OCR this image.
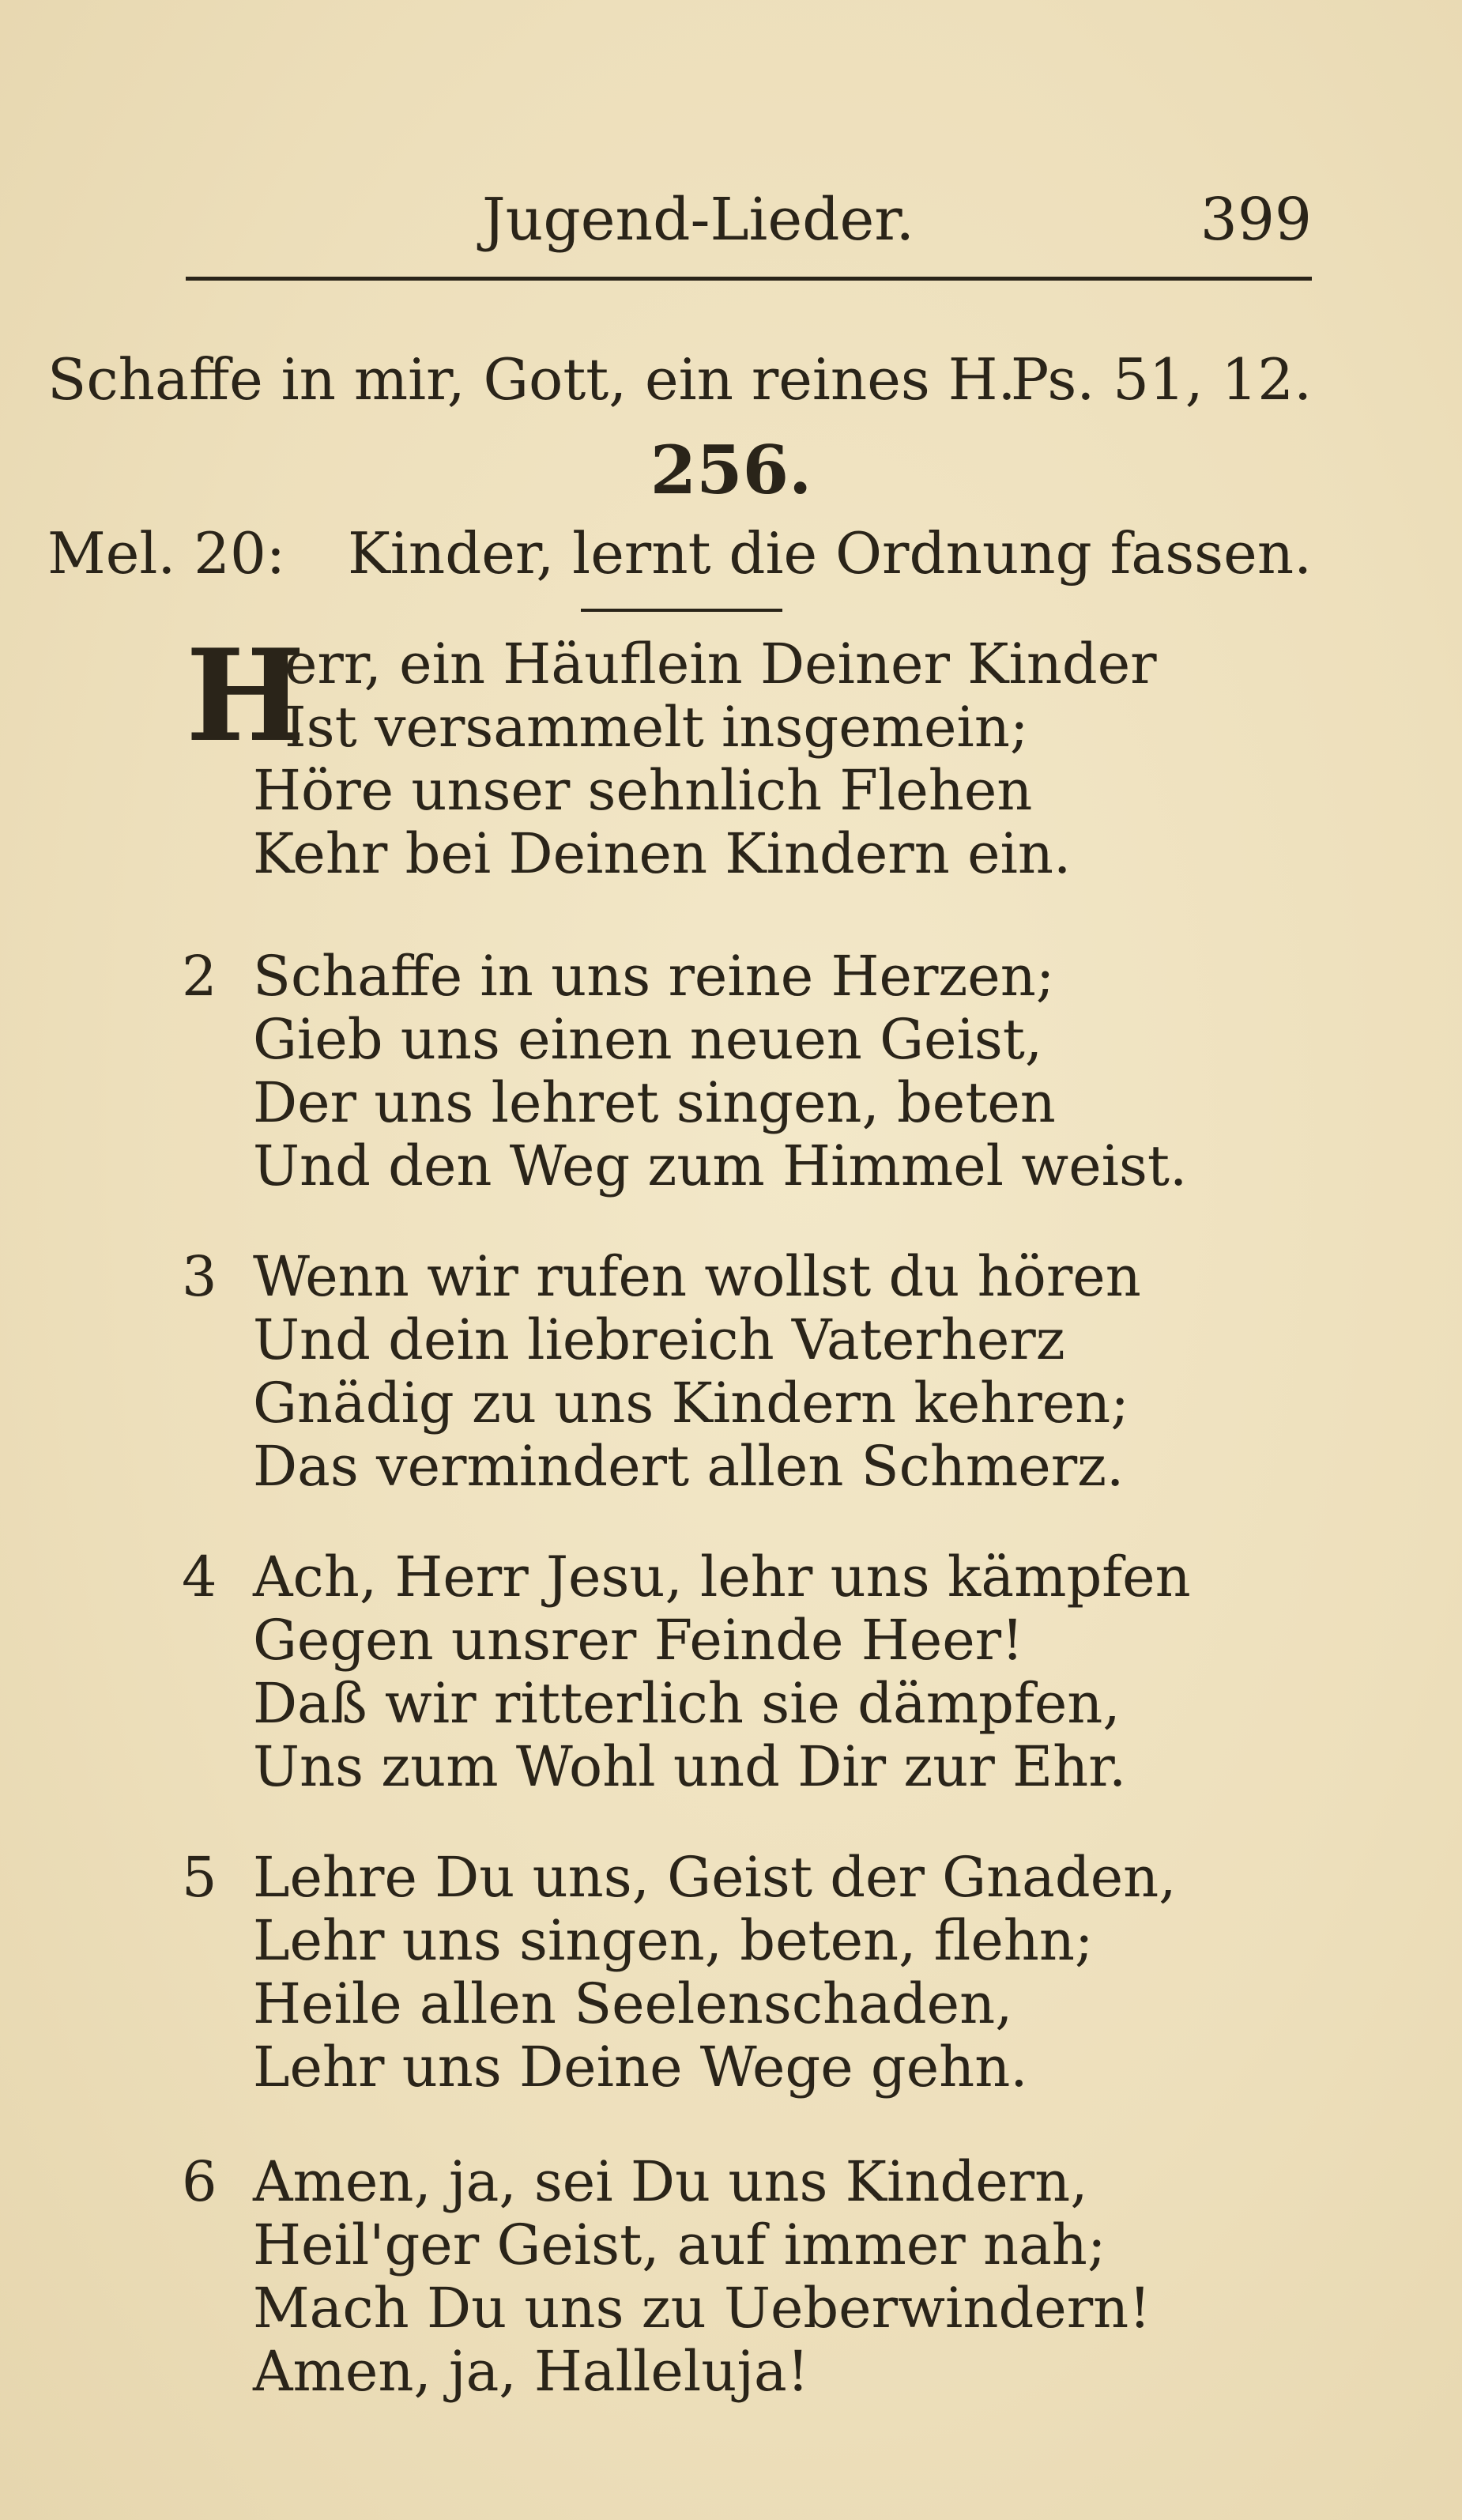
Jugend-Lieder.	399
Schaffe in mir, Gott, ein reines H.
Ps. 51, 12.
256.
Mel. 20: Kinder, lernt die Ordnung fassen.
H
err, ein Häuflein Deiner Kinder
Ist versammelt insgemein;
Höre unser sehnlich Flehen
Kehr bei Deinen Kindern ein.
2 Schaffe in uns reine Herzen;
Gieb uns einen neuen Geist,
Der uns lehret singen, beten
Und den Weg zum Himmel weist.
3 Wenn wir rufen wollst du hören
Und dein liebreich Vaterherz
Gnädig zu uns Kindern kehren;
Das vermindert allen Schmerz.
4 Ach, Herr Jesu, lehr uns kämpfen
Gegen unsrer Feinde Heer!
Daß wir ritterlich sie dämpfen,
Uns zum Wohl und Dir zur Ehr.
5 Lehre Du uns, Geist der Gnaden,
Lehr uns singen, beten, flehn;
Heile allen Seelenschaden,
Lehr uns Deine Wege gehn.
6 Amen, ja, sei Du uns Kindern,
Heil'ger Geist, auf immer nah;
Mach Du uns zu Ueberwindern!
Amen, ja, Halleluja!
